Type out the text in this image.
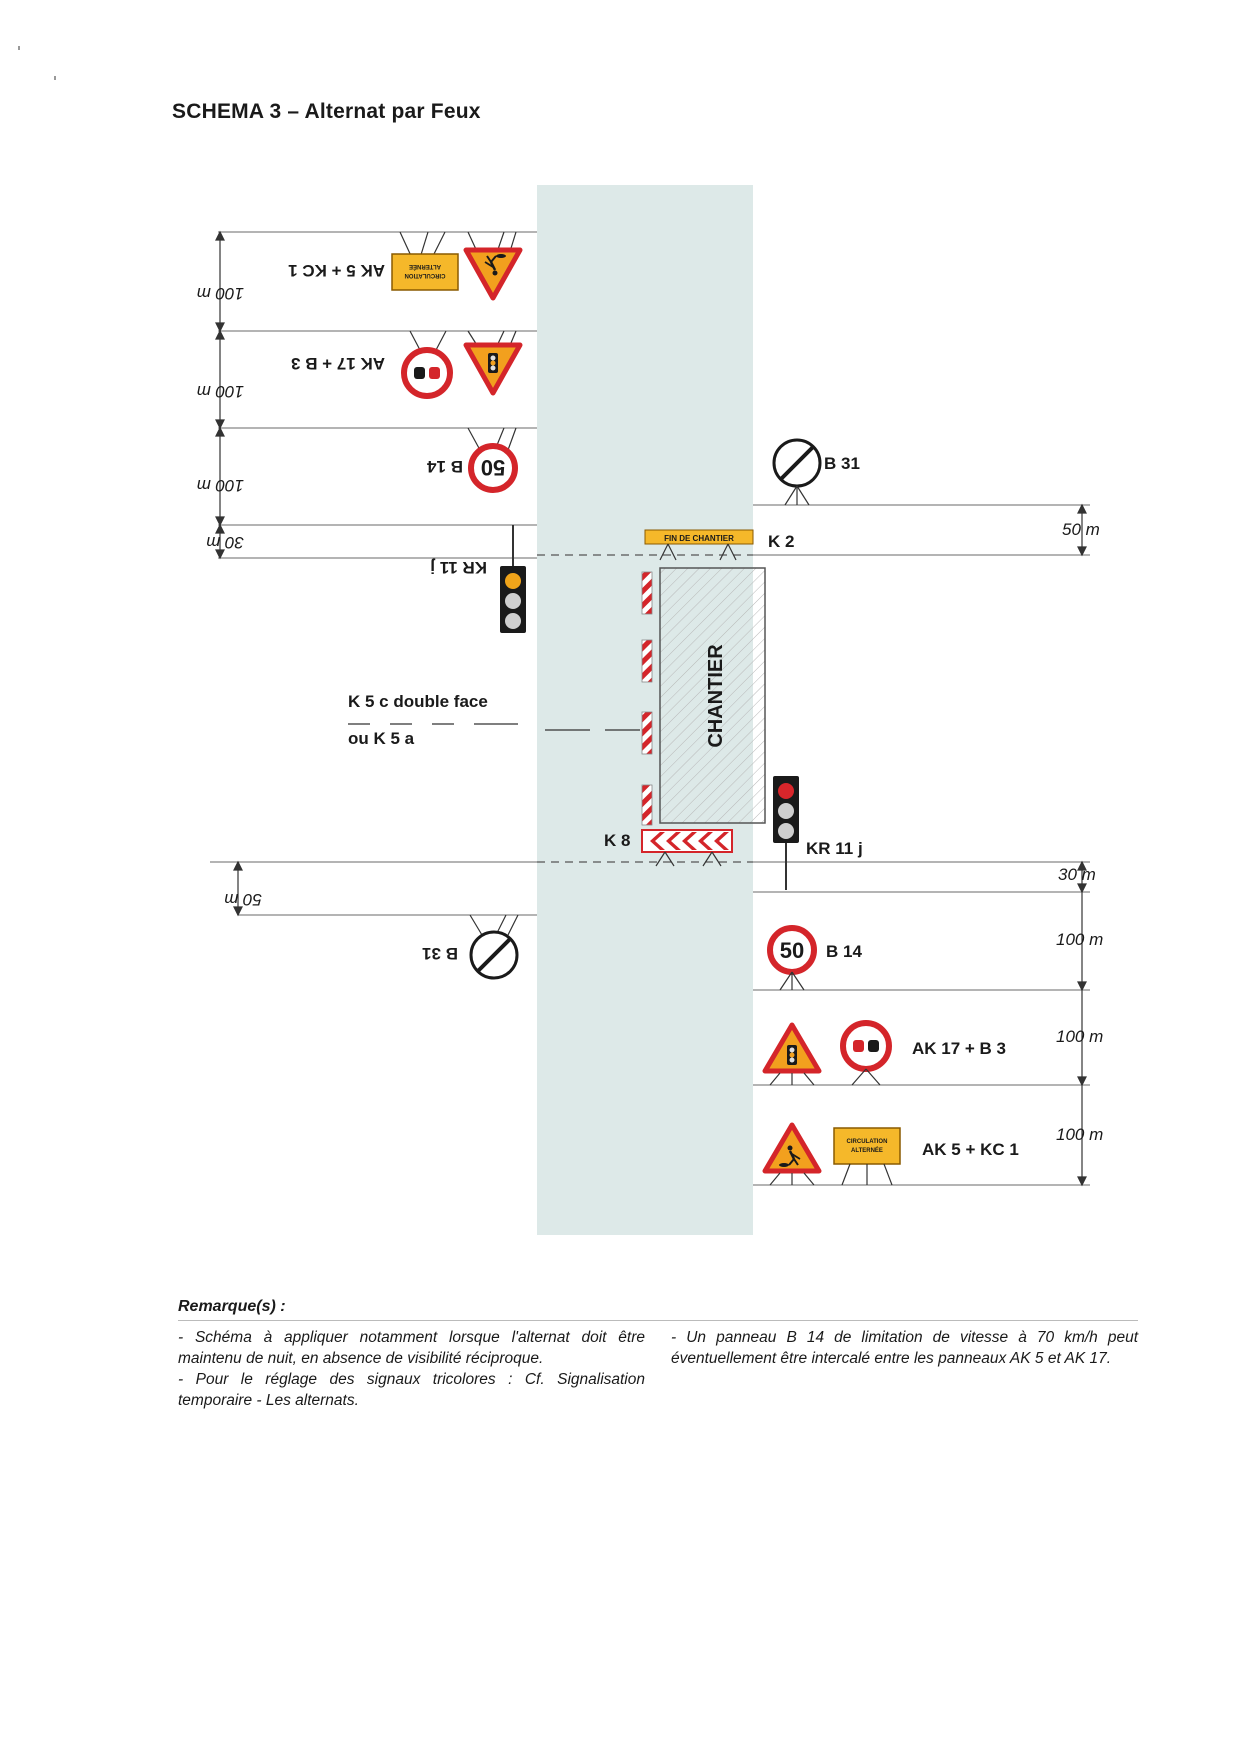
SCHEMA 3 – Alternat par Feux
100 m
100 m
100 m
30 m
50 m
50 m
30 m
100 m
100 m
100 m
CIRCULATION
ALTERNÉE
AK 5 + KC 1
AK 17 + B 3
50
B 14
KR 11 j
B 31
CHANTIER
FIN DE CHANTIER K 2
K 8
K 5 c double face
ou K 5 a
B 31
KR 11 j
50 B 14
AK 17 + B 3
CIRCULATION
ALTERNÉE AK 5 + KC 1
Remarque(s) :

- Schéma à appliquer notamment lorsque l'alternat doit être maintenu de nuit, en absence de visibilité réciproque.

- Pour le réglage des signaux tricolores : Cf. Signalisation temporaire - Les alternats.

- Un panneau B 14 de limitation de vitesse à 70 km/h peut éventuellement être intercalé entre les panneaux AK 5 et AK 17.
